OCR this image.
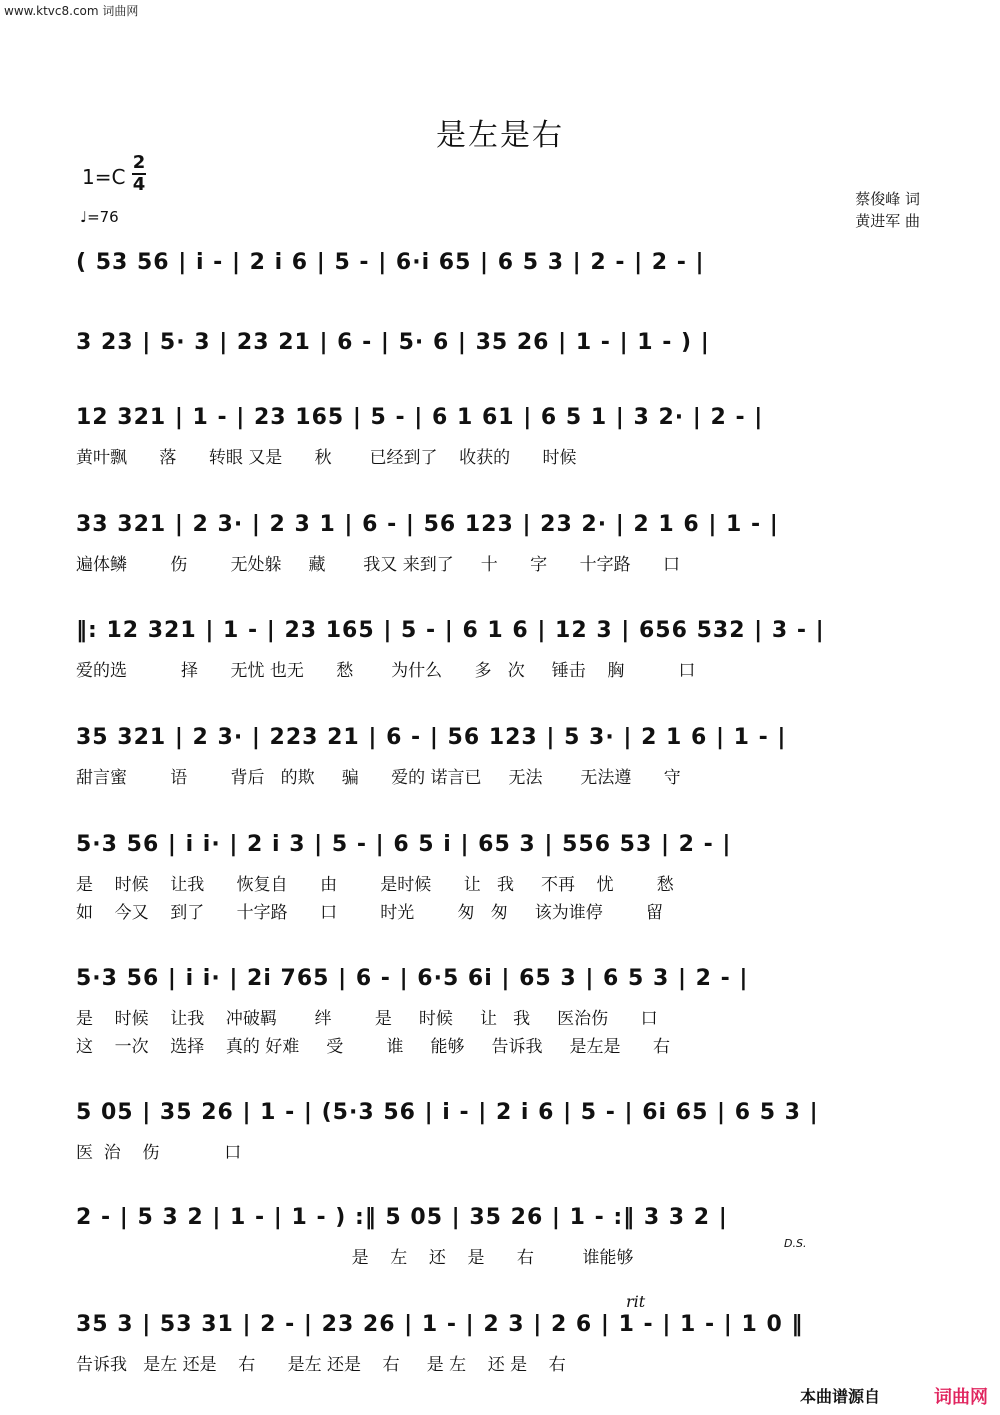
www.ktvc8.com 词曲网
是左是右
1=C
2
4
♩=76
蔡俊峰 词
黄进军 曲
( 53 56 | i - | 2 i 6 | 5 - | 6·i 65 | 6 5 3 | 2 - | 2 - |
3 23 | 5· 3 | 23 21 | 6 - | 5· 6 | 35 26 | 1 - | 1 - ) |
12 321 | 1 - | 23 165 | 5 - | 6 1 61 | 6 5 1 | 3 2· | 2 - |
黄叶飘      落      转眼 又是      秋       已经到了    收获的      时候
33 321 | 2 3· | 2 3 1 | 6 - | 56 123 | 23 2· | 2 1 6 | 1 - |
遍体鳞        伤        无处躲     藏       我又 来到了     十      字      十字路      口
‖: 12 321 | 1 - | 23 165 | 5 - | 6 1 6 | 12 3 | 656 532 | 3 - |
爱的选          择      无忧 也无      愁       为什么      多   次     锤击    胸          口
35 321 | 2 3· | 223 21 | 6 - | 56 123 | 5 3· | 2 1 6 | 1 - |
甜言蜜        语        背后   的欺     骗      爱的 诺言已     无法       无法遵      守
5·3 56 | i i· | 2 i 3 | 5 - | 6 5 i | 65 3 | 556 53 | 2 - |
是    时候    让我      恢复自      由        是时候      让   我     不再    忧        愁
如    今又    到了      十字路      口        时光        匆   匆     该为谁停        留
5·3 56 | i i· | 2i 765 | 6 - | 6·5 6i | 65 3 | 6 5 3 | 2 - |
是    时候    让我    冲破羁       绊        是     时候     让   我     医治伤      口
这    一次    选择    真的 好难     受        谁     能够     告诉我     是左是      右
5 05 | 35 26 | 1 - | (5·3 56 | i - | 2 i 6 | 5 - | 6i 65 | 6 5 3 |
医  治    伤            口
2 - | 5 3 2 | 1 - | 1 - ) :‖ 5 05 | 35 26 | 1 - :‖ 3 3 2 |
是    左    还    是      右         谁能够
35 3 | 53 31 | 2 - | 23 26 | 1 - | 2 3 | 2 6 | 1 - | 1 - | 1 0 ‖
告诉我   是左 还是    右      是左 还是    右     是 左    还 是    右
D.S.
rit
本曲谱源自	词曲网
